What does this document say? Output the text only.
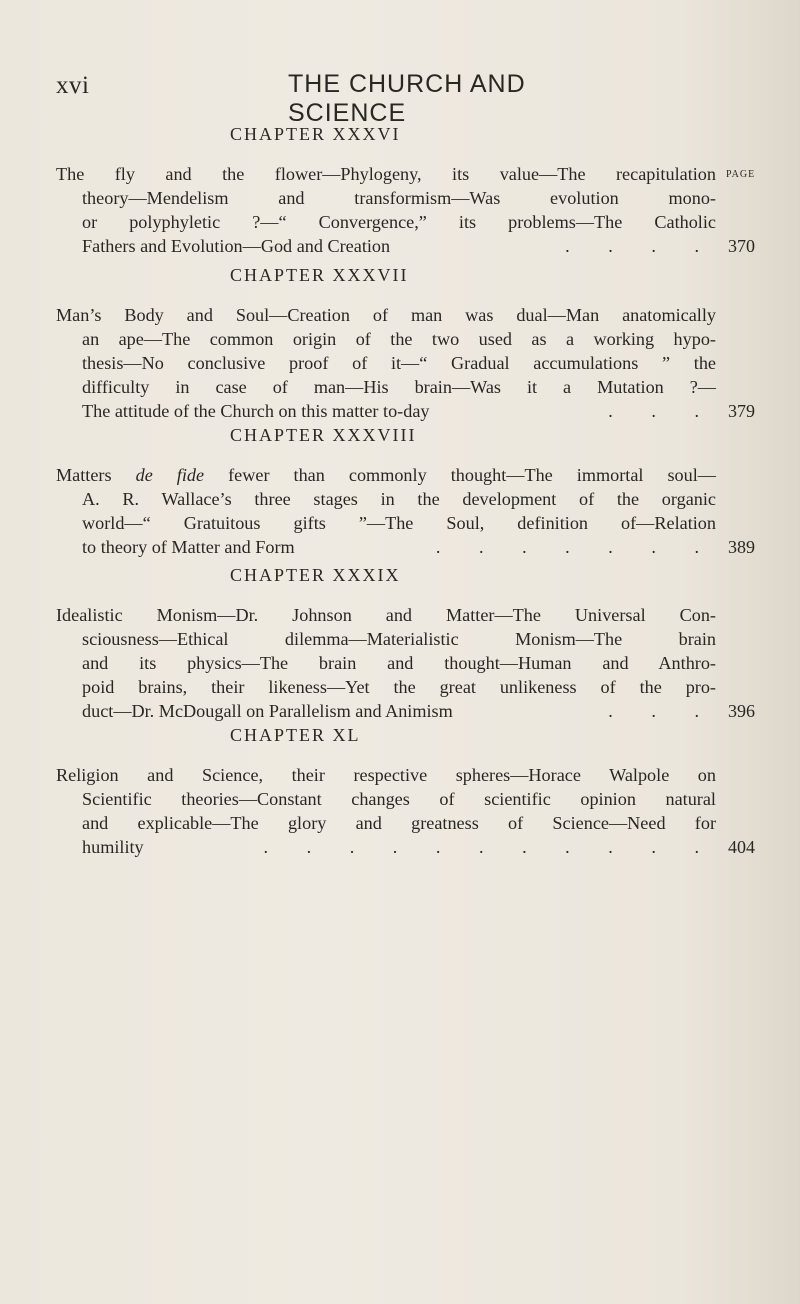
xvi	THE CHURCH AND SCIENCE
PAGE
CHAPTER XXXVI
The fly and the flower—Phylogeny, its value—The recapitulation
theory—Mendelism and transformism—Was evolution mono-
or polyphyletic ?—“ Convergence,” its problems—The Catholic
Fathers and Evolution—God and Creation	. . . . 370
CHAPTER XXXVII
Man’s Body and Soul—Creation of man was dual—Man anatomically
an ape—The common origin of the two used as a working hypo-
thesis—No conclusive proof of it—“ Gradual accumulations ” the
difficulty in case of man—His brain—Was it a Mutation ?—
The attitude of the Church on this matter to-day	. . . 379
CHAPTER XXXVIII
Matters de fide fewer than commonly thought—The immortal soul—
A. R. Wallace’s three stages in the development of the organic
world—“ Gratuitous gifts ”—The Soul, definition of—Relation
to theory of Matter and Form	. . . . . . . 389
CHAPTER XXXIX
Idealistic Monism—Dr. Johnson and Matter—The Universal Con-
sciousness—Ethical dilemma—Materialistic Monism—The brain
and its physics—The brain and thought—Human and Anthro-
poid brains, their likeness—Yet the great unlikeness of the pro-
duct—Dr. McDougall on Parallelism and Animism	. . . 396
CHAPTER XL
Religion and Science, their respective spheres—Horace Walpole on
Scientific theories—Constant changes of scientific opinion natural
and explicable—The glory and greatness of Science—Need for
humility	. . . . . . . . . . . 404
